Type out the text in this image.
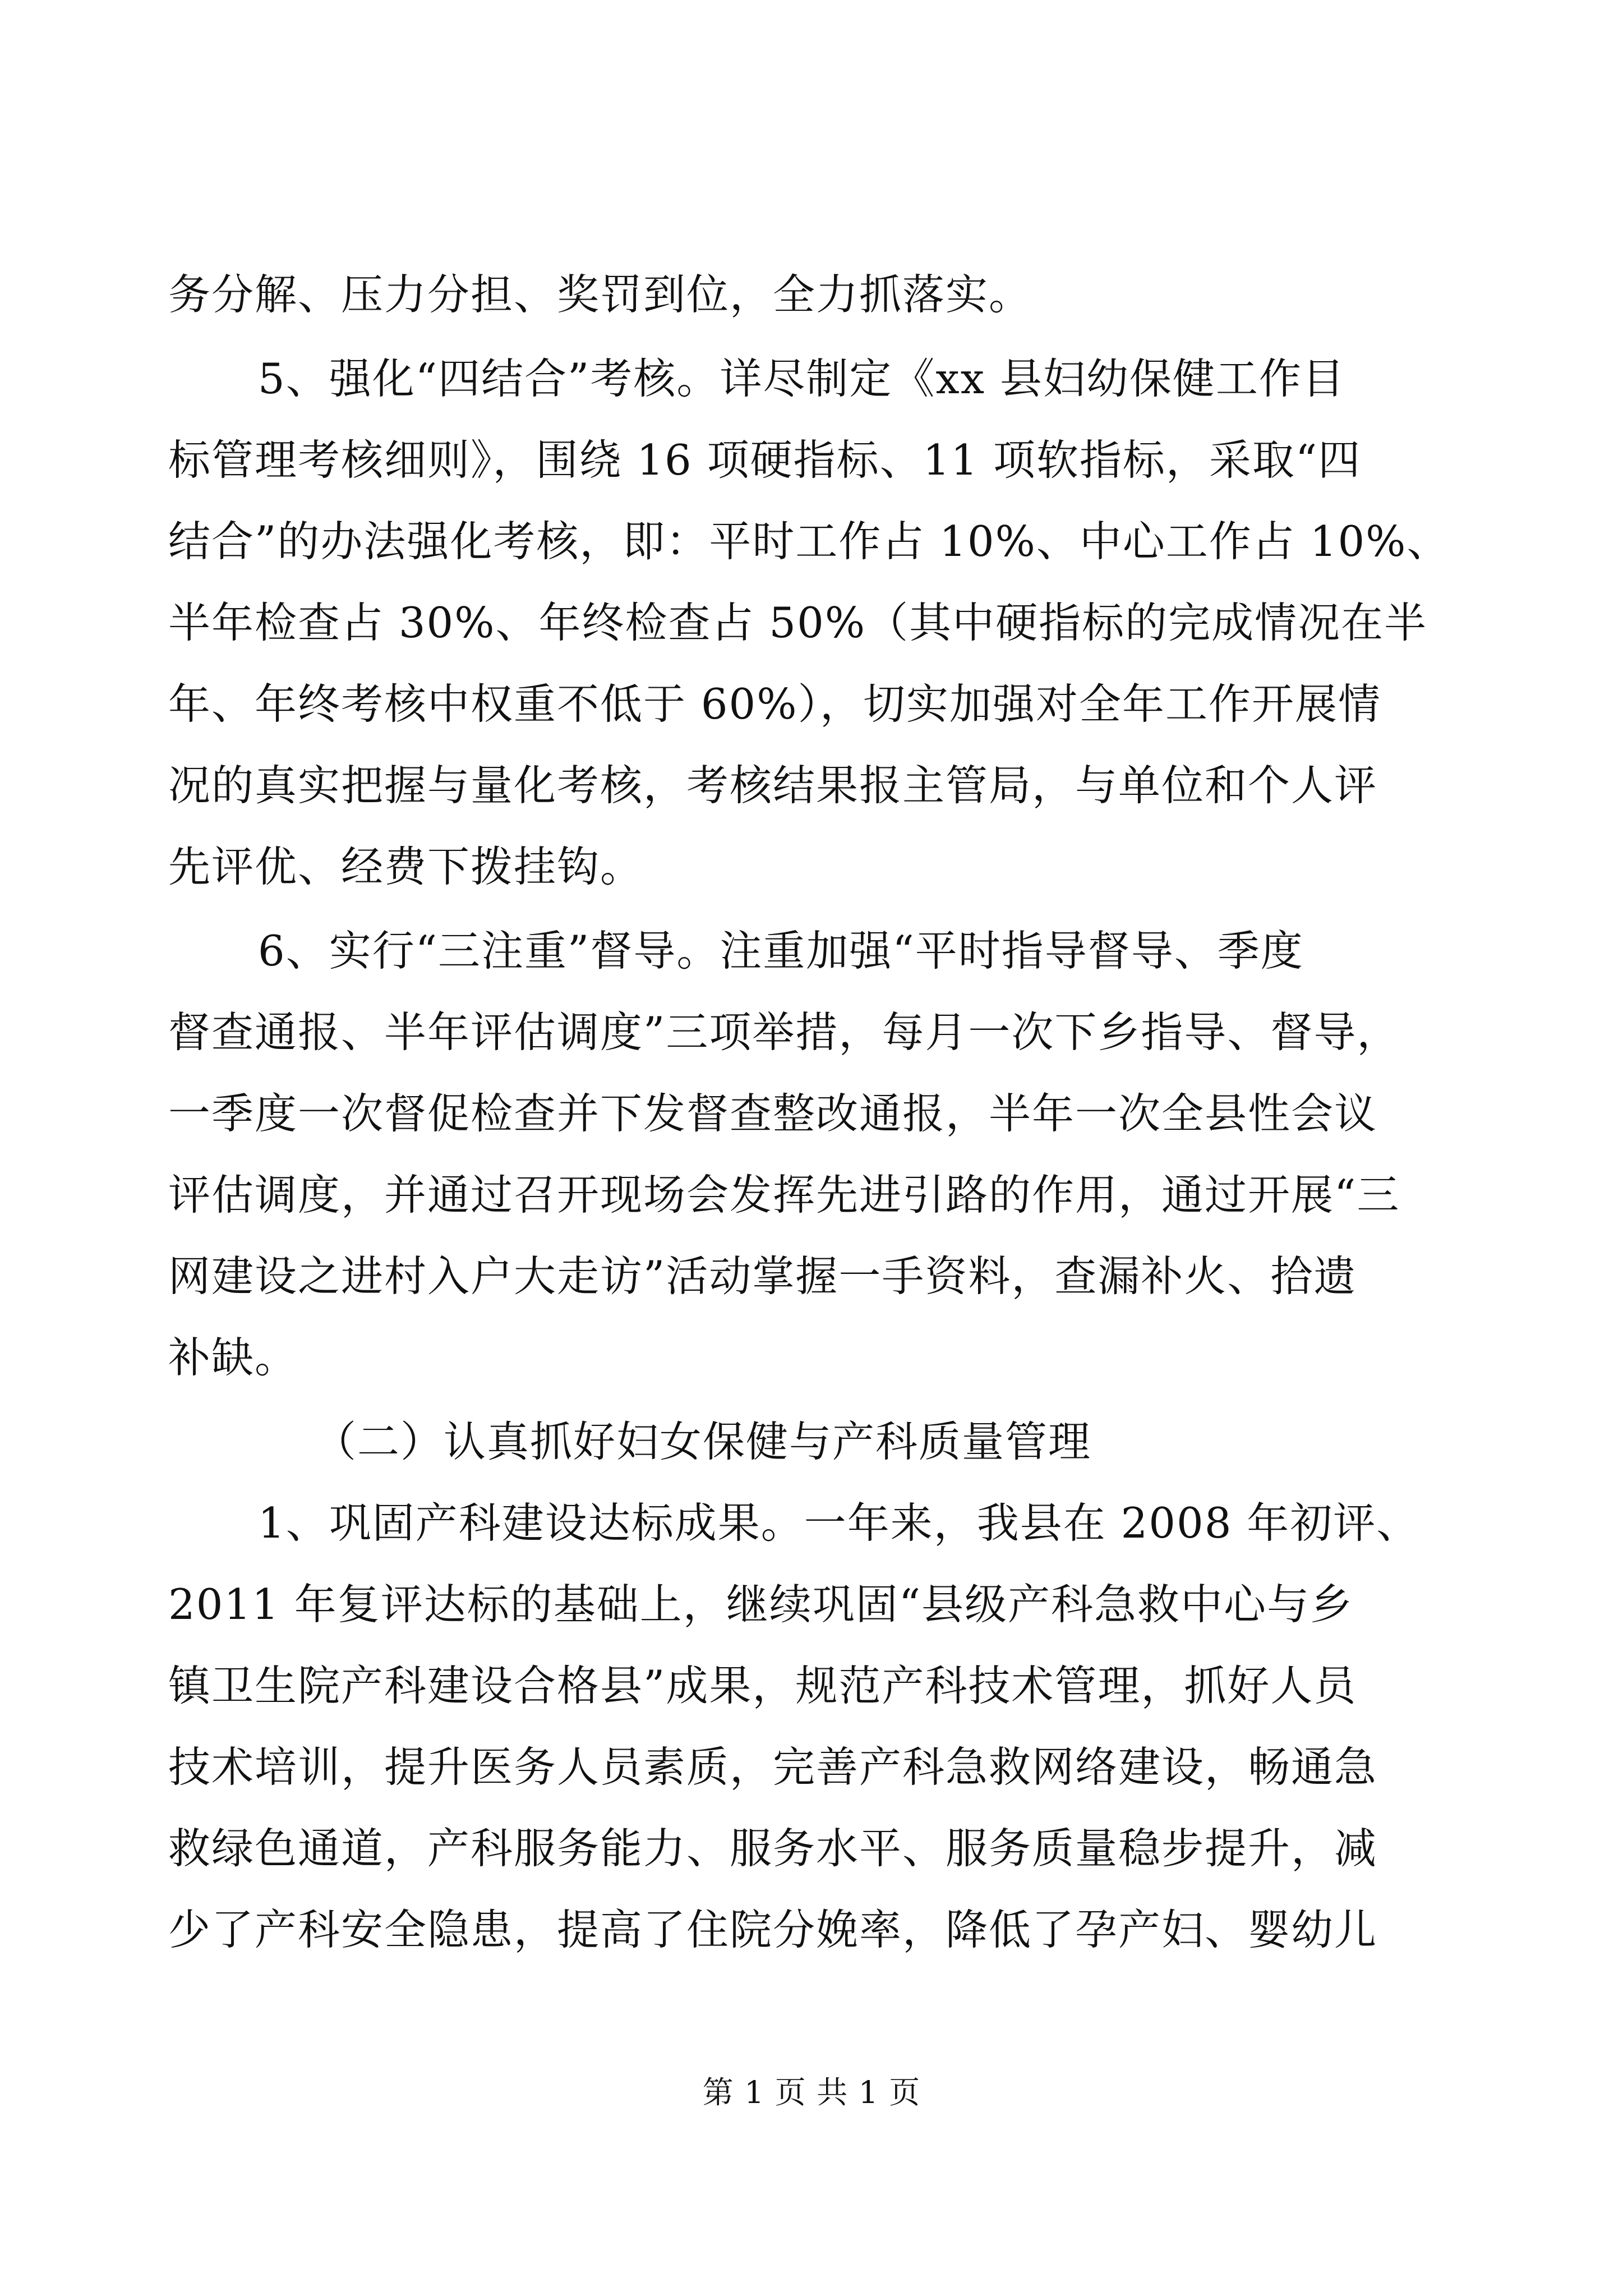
务分解、压力分担、奖罚到位，全力抓落实。
5、强化“四结合”考核。详尽制定《xx 县妇幼保健工作目
标管理考核细则》，围绕 16 项硬指标、11 项软指标，采取“四
结合”的办法强化考核，即：平时工作占 10%、中心工作占 10%、
半年检查占 30%、年终检查占 50%（其中硬指标的完成情况在半
年、年终考核中权重不低于 60%），切实加强对全年工作开展情
况的真实把握与量化考核，考核结果报主管局，与单位和个人评
先评优、经费下拨挂钩。
6、实行“三注重”督导。注重加强“平时指导督导、季度
督查通报、半年评估调度”三项举措，每月一次下乡指导、督导，
一季度一次督促检查并下发督查整改通报，半年一次全县性会议
评估调度，并通过召开现场会发挥先进引路的作用，通过开展“三
网建设之进村入户大走访”活动掌握一手资料，查漏补火、拾遗
补缺。
（二）认真抓好妇女保健与产科质量管理
1、巩固产科建设达标成果。一年来，我县在 2008 年初评、
2011 年复评达标的基础上，继续巩固“县级产科急救中心与乡
镇卫生院产科建设合格县”成果，规范产科技术管理，抓好人员
技术培训，提升医务人员素质，完善产科急救网络建设，畅通急
救绿色通道，产科服务能力、服务水平、服务质量稳步提升，减
少了产科安全隐患，提高了住院分娩率，降低了孕产妇、婴幼儿
第 1 页 共 1 页
